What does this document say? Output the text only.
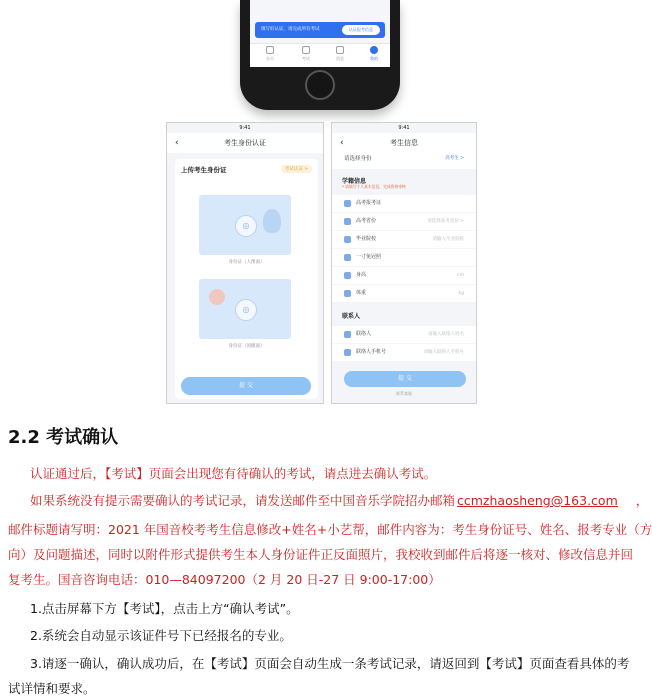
填写好认证，请完成所有考试	认证报考信息
首页	考试	消息	我的
9:41
‹	考生身份认证
上传考生身份证	考试认证 >
◎
身份证（人像面）
◎
身份证（国徽面）
提 交
9:41
‹	考生信息
请选择身份	高考生 >
学籍信息
* 请填写个人真实信息，完成资格审核
高考报考证
高考省份	请选择高考省份 >
毕业院校	请输入毕业院校
一寸免冠照
身高	cm
体重	kg
联系人
联络人	请输入联络人姓名
联络人手机号	请输入联络人手机号
提 交
联系客服
2.2 考试确认
认证通过后，【考试】页面会出现您有待确认的考试，请点进去确认考试。
如果系统没有提示需要确认的考试记录，请发送邮件至中国音乐学院招办邮箱 ccmzhaosheng@163.com ，
邮件标题请写明：2021 年国音校考考生信息修改+姓名+小艺帮，邮件内容为：考生身份证号、姓名、报考专业（方
向）及问题描述，同时以附件形式提供考生本人身份证件正反面照片，我校收到邮件后将逐一核对、修改信息并回
复考生。国音咨询电话：010—84097200（2 月 20 日-27 日 9:00-17:00）
1.点击屏幕下方【考试】，点击上方“确认考试”。
2.系统会自动显示该证件号下已经报名的专业。
3.请逐一确认，确认成功后，在【考试】页面会自动生成一条考试记录，请返回到【考试】页面查看具体的考
试详情和要求。
